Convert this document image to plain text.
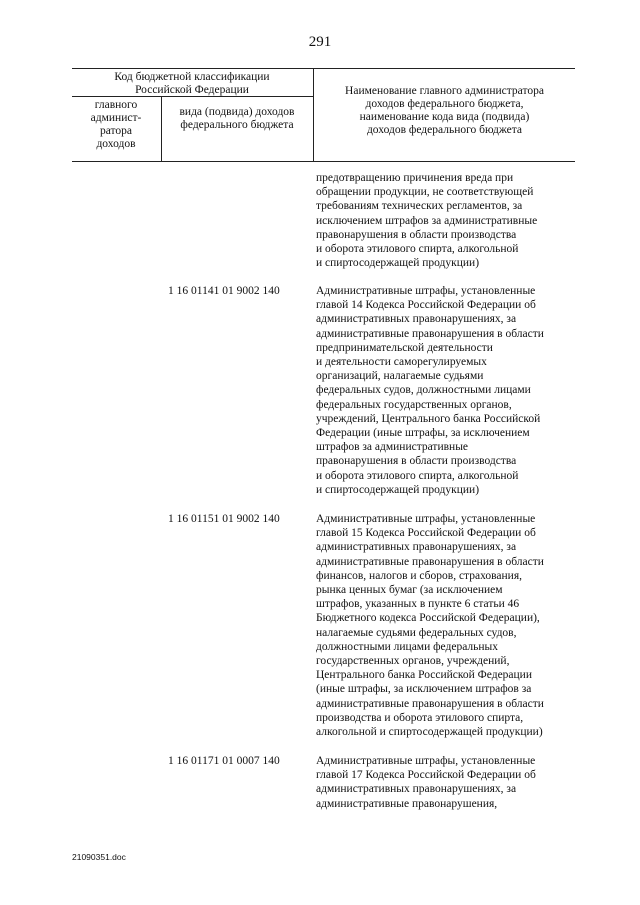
291
Код бюджетной классификации
Российской Федерации
главного
админист-
ратора
доходов
вида (подвида) доходов
федерального бюджета
Наименование главного администратора
доходов федерального бюджета,
наименование кода вида (подвида)
доходов федерального бюджета
предотвращению причинения вреда при
обращении продукции, не соответствующей
требованиям технических регламентов, за
исключением штрафов за административные
правонарушения в области производства
и оборота этилового спирта, алкогольной
и спиртосодержащей продукции)
1 16 01141 01 9002 140	Административные штрафы, установленные
главой 14 Кодекса Российской Федерации об
административных правонарушениях, за
административные правонарушения в области
предпринимательской деятельности
и деятельности саморегулируемых
организаций, налагаемые судьями
федеральных судов, должностными лицами
федеральных государственных органов,
учреждений, Центрального банка Российской
Федерации (иные штрафы, за исключением
штрафов за административные
правонарушения в области производства
и оборота этилового спирта, алкогольной
и спиртосодержащей продукции)
1 16 01151 01 9002 140	Административные штрафы, установленные
главой 15 Кодекса Российской Федерации об
административных правонарушениях, за
административные правонарушения в области
финансов, налогов и сборов, страхования,
рынка ценных бумаг (за исключением
штрафов, указанных в пункте 6 статьи 46
Бюджетного кодекса Российской Федерации),
налагаемые судьями федеральных судов,
должностными лицами федеральных
государственных органов, учреждений,
Центрального банка Российской Федерации
(иные штрафы, за исключением штрафов за
административные правонарушения в области
производства и оборота этилового спирта,
алкогольной и спиртосодержащей продукции)
1 16 01171 01 0007 140	Административные штрафы, установленные
главой 17 Кодекса Российской Федерации об
административных правонарушениях, за
административные правонарушения,
21090351.doc
